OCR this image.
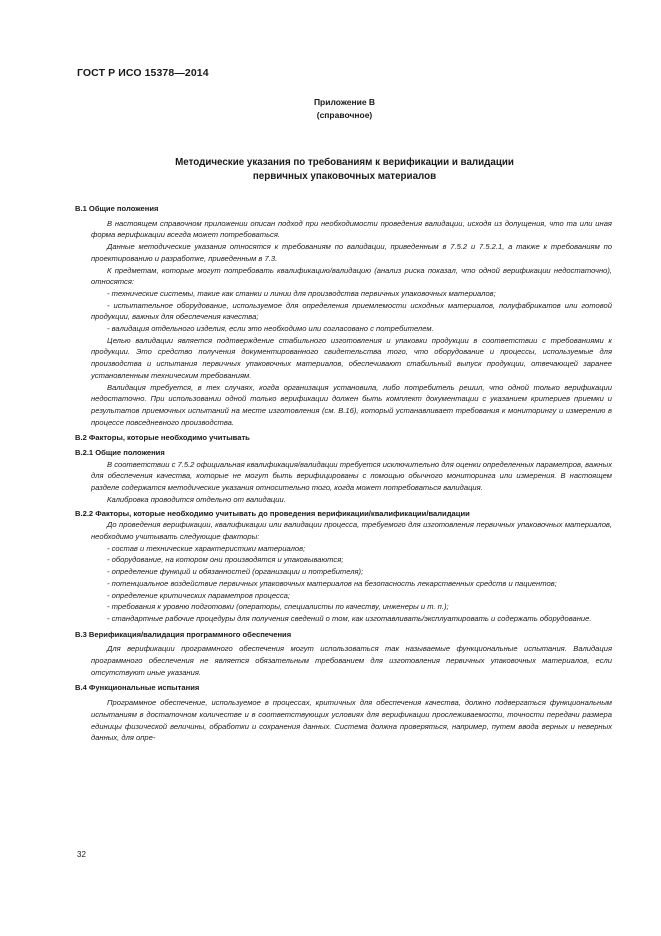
ГОСТ Р ИСО 15378—2014
Приложение В
(справочное)
Методические указания по требованиям к верификации и валидации
первичных упаковочных материалов

В.1 Общие положения

В настоящем справочном приложении описан подход при необходимости проведения валидации, исходя из допущения, что та или иная форма верификации всегда может потребоваться.

Данные методические указания относятся к требованиям по валидации, приведенным в 7.5.2 и 7.5.2.1, а также к требованиям по проектированию и разработке, приведенным в 7.3.

К предметам, которые могут потребовать квалификацию/валидацию (анализ риска показал, что одной верификации недостаточно), относятся:

- технические системы, такие как станки и линии для производства первичных упаковочных материалов;

- испытательное оборудование, используемое для определения приемлемости исходных материалов, полуфабрикатов или готовой продукции, важных для обеспечения качества;

- валидация отдельного изделия, если это необходимо или согласовано с потребителем.

Целью валидации является подтверждение стабильного изготовления и упаковки продукции в соответствии с требованиями к продукции. Это средство получения документированного свидетельства того, что оборудование и процессы, используемые для производства и испытания первичных упаковочных материалов, обеспечивают стабильный выпуск продукции, отвечающей заранее установленным техническим требованиям.

Валидация требуется, в тех случаях, когда организация установила, либо потребитель решил, что одной только верификации недостаточно. При использовании одной только верификации должен быть комплект документации с указанием критериев приемки и результатов приемочных испытаний на месте изготовления (см. В.16), который устанавливает требования к мониторингу и измерению в процессе повседневного производства.

В.2 Факторы, которые необходимо учитывать

В.2.1 Общие положения

В соответствии с 7.5.2 официальная квалификация/валидации требуется исключительно для оценки определенных параметров, важных для обеспечения качества, которые не могут быть верифицированы с помощью обычного мониторинга или измерения. В настоящем разделе содержатся методические указания относительно того, когда может потребоваться валидация.

Калибровка проводится отдельно от валидации.

В.2.2 Факторы, которые необходимо учитывать до проведения верификации/квалификации/валидации

До проведения верификации, квалификации или валидации процесса, требуемого для изготовления первичных упаковочных материалов, необходимо учитывать следующие факторы:

- состав и технические характеристики материалов;

- оборудование, на котором они производятся и упаковываются;

- определение функций и обязанностей (организации и потребителя);

- потенциальное воздействие первичных упаковочных материалов на безопасность лекарственных средств и пациентов;

- определение критических параметров процесса;

- требования к уровню подготовки (операторы, специалисты по качеству, инженеры и т. п.);

- стандартные рабочие процедуры для получения сведений о том, как изготавливать/эксплуатировать и содержать оборудование.

В.3 Верификация/валидация программного обеспечения

Для верификации программного обеспечения могут использоваться так называемые функциональные испытания. Валидация программного обеспечения не является обязательным требованием для изготовления первичных упаковочных материалов, если отсутствуют иные указания.

В.4 Функциональные испытания

Программное обеспечение, используемое в процессах, критичных для обеспечения качества, должно подвергаться функциональным испытаниям в достаточном количестве и в соответствующих условиях для верификации прослеживаемости, точности передачи размера единицы физической величины, обработки и сохранения данных. Система должна проверяться, например, путем ввода верных и неверных данных, для опре-

32
